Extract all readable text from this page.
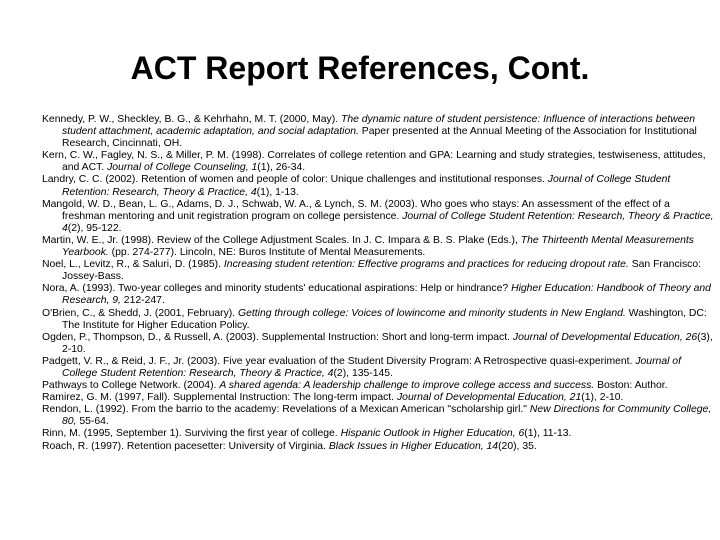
ACT Report References, Cont.
Kennedy, P. W., Sheckley, B. G., & Kehrhahn, M. T. (2000, May). The dynamic nature of student persistence: Influence of interactions between student attachment, academic adaptation, and social adaptation. Paper presented at the Annual Meeting of the Association for Institutional Research, Cincinnati, OH.
Kern, C. W., Fagley, N. S., & Miller, P. M. (1998). Correlates of college retention and GPA: Learning and study strategies, testwiseness, attitudes, and ACT. Journal of College Counseling, 1(1), 26-34.
Landry, C. C. (2002). Retention of women and people of color: Unique challenges and institutional responses. Journal of College Student Retention: Research, Theory & Practice, 4(1), 1-13.
Mangold, W. D., Bean, L. G., Adams, D. J., Schwab, W. A., & Lynch, S. M. (2003). Who goes who stays: An assessment of the effect of a freshman mentoring and unit registration program on college persistence. Journal of College Student Retention: Research, Theory & Practice, 4(2), 95-122.
Martin, W. E., Jr. (1998). Review of the College Adjustment Scales. In J. C. Impara & B. S. Plake (Eds.), The Thirteenth Mental Measurements Yearbook. (pp. 274-277). Lincoln, NE: Buros Institute of Mental Measurements.
Noel, L., Levitz, R., & Saluri, D. (1985). Increasing student retention: Effective programs and practices for reducing dropout rate. San Francisco: Jossey-Bass.
Nora, A. (1993). Two-year colleges and minority students' educational aspirations: Help or hindrance? Higher Education: Handbook of Theory and Research, 9, 212-247.
O'Brien, C., & Shedd, J. (2001, February). Getting through college: Voices of lowincome and minority students in New England. Washington, DC: The Institute for Higher Education Policy.
Ogden, P., Thompson, D., & Russell, A. (2003). Supplemental Instruction: Short and long-term impact. Journal of Developmental Education, 26(3), 2-10.
Padgett, V. R., & Reid, J. F., Jr. (2003). Five year evaluation of the Student Diversity Program: A Retrospective quasi-experiment. Journal of College Student Retention: Research, Theory & Practice, 4(2), 135-145.
Pathways to College Network. (2004). A shared agenda: A leadership challenge to improve college access and success. Boston: Author.
Ramirez, G. M. (1997, Fall). Supplemental Instruction: The long-term impact. Journal of Developmental Education, 21(1), 2-10.
Rendon, L. (1992). From the barrio to the academy: Revelations of a Mexican American "scholarship girl." New Directions for Community College, 80, 55-64.
Rinn, M. (1995, September 1). Surviving the first year of college. Hispanic Outlook in Higher Education, 6(1), 11-13.
Roach, R. (1997). Retention pacesetter: University of Virginia. Black Issues in Higher Education, 14(20), 35.
